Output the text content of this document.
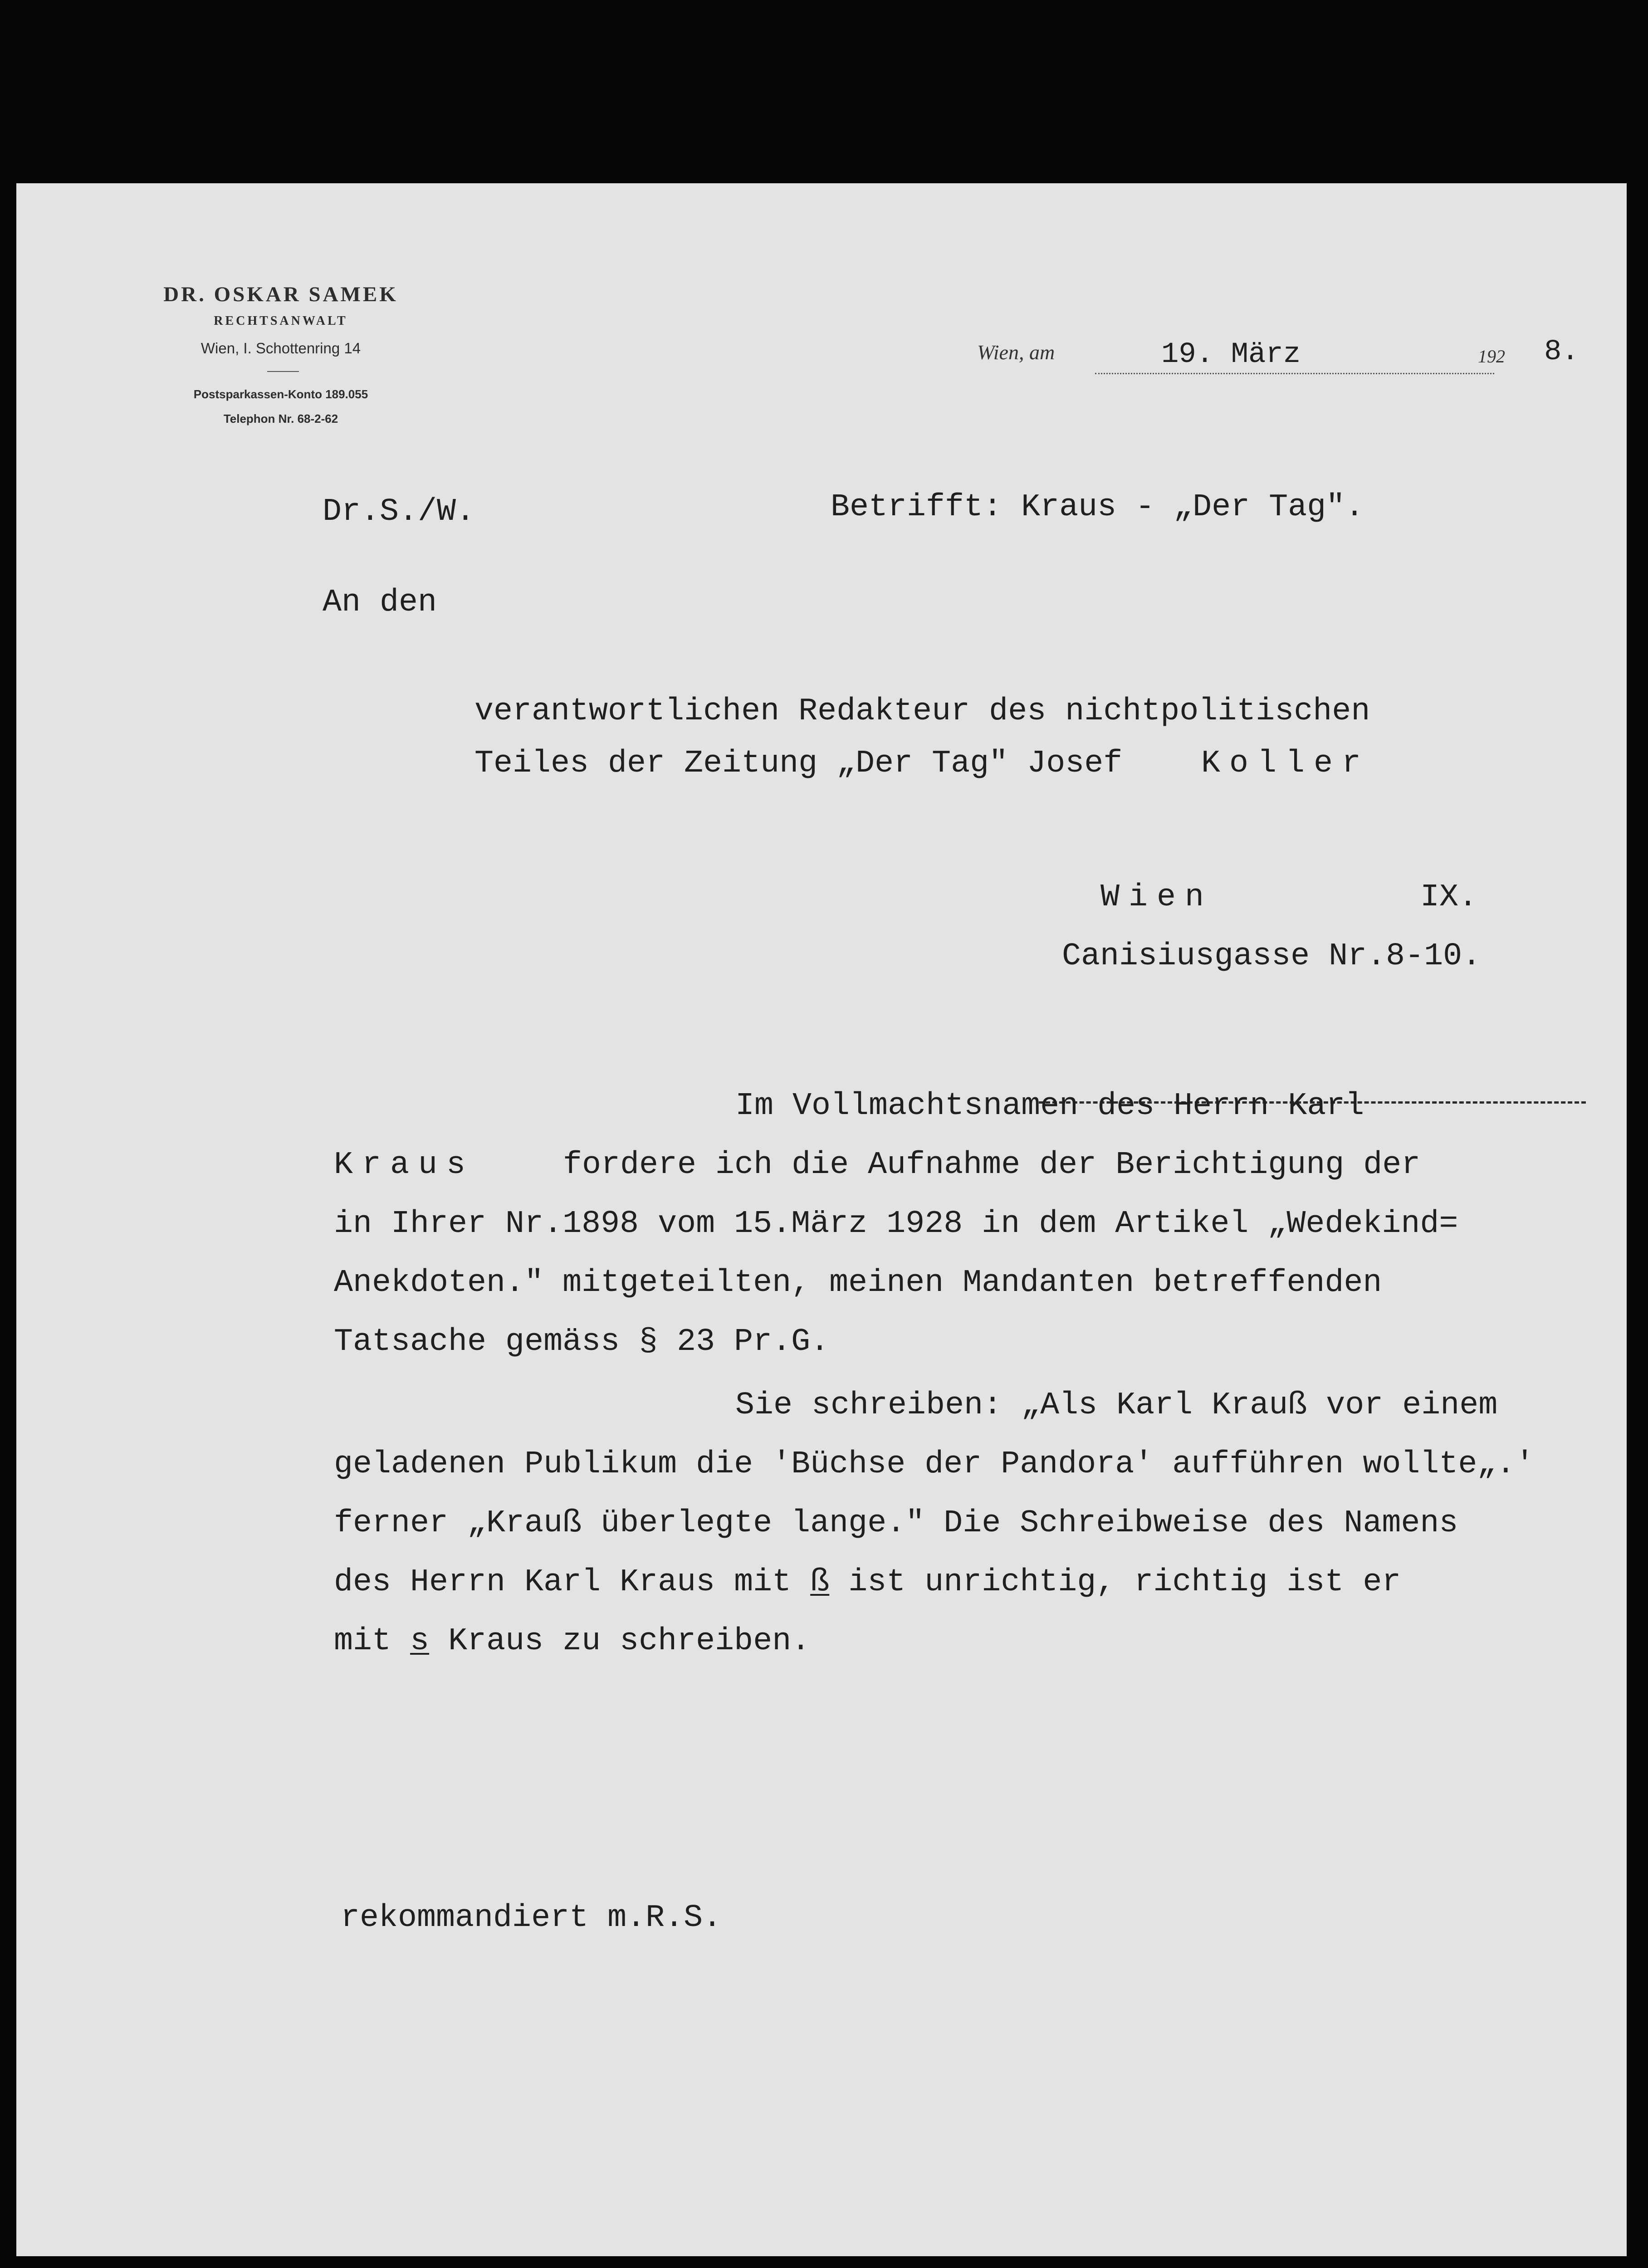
DR. OSKAR SAMEK
RECHTSANWALT
Wien, I. Schottenring 14
Postsparkassen-Konto 189.055
Telephon Nr. 68-2-62
Wien, am	19. März	192 8.
Dr.S./W.	Betrifft: Kraus - „Der Tag".
An den
verantwortlichen Redakteur des nichtpolitischen
Teiles der Zeitung „Der Tag" Josef Koller
Wien	IX.
Canisiusgasse Nr.8-10.
Im Vollmachtsnamen des Herrn Karl
Kraus	fordere ich die Aufnahme der Berichtigung der
in Ihrer Nr.1898 vom 15.März 1928 in dem Artikel „Wedekind=
Anekdoten." mitgeteilten, meinen Mandanten betreffenden
Tatsache gemäss § 23 Pr.G.
Sie schreiben: „Als Karl Krauß vor einem
geladenen Publikum die 'Büchse der Pandora' aufführen wollte„.'
ferner „Krauß überlegte lange." Die Schreibweise des Namens
des Herrn Karl Kraus mit ß ist unrichtig, richtig ist er
mit s Kraus zu schreiben.
rekommandiert m.R.S.
